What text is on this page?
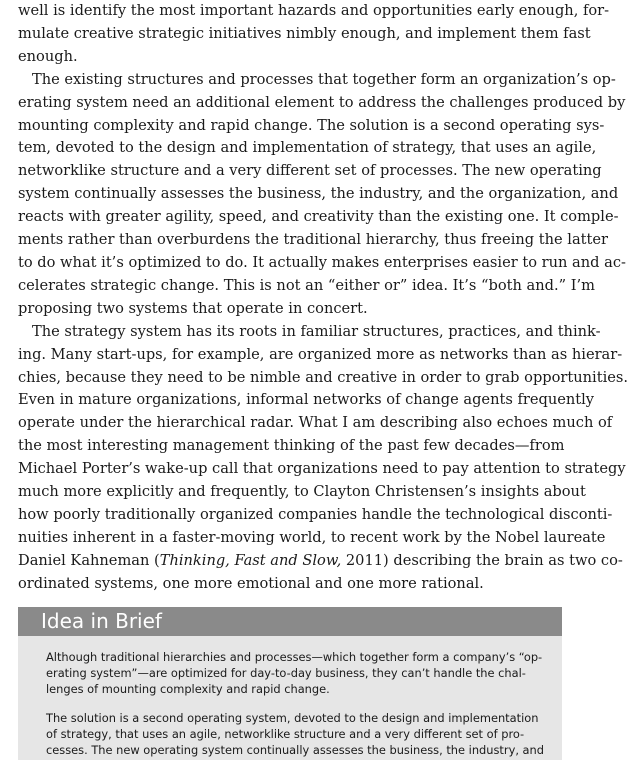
well is identify the most important hazards and opportunities early enough, for-
mulate creative strategic initiatives nimbly enough, and implement them fast
enough.

The existing structures and processes that together form an organization’s op-
erating system need an additional element to address the challenges produced by
mounting complexity and rapid change. The solution is a second operating sys-
tem, devoted to the design and implementation of strategy, that uses an agile,
networklike structure and a very different set of processes. The new operating
system continually assesses the business, the industry, and the organization, and
reacts with greater agility, speed, and creativity than the existing one. It comple-
ments rather than overburdens the traditional hierarchy, thus freeing the latter
to do what it’s optimized to do. It actually makes enterprises easier to run and ac-
celerates strategic change. This is not an “either or” idea. It’s “both and.” I’m
proposing two systems that operate in concert.

The strategy system has its roots in familiar structures, practices, and think-
ing. Many start-ups, for example, are organized more as networks than as hierar-
chies, because they need to be nimble and creative in order to grab opportunities.
Even in mature organizations, informal networks of change agents frequently
operate under the hierarchical radar. What I am describing also echoes much of
the most interesting management thinking of the past few decades—from
Michael Porter’s wake-up call that organizations need to pay attention to strategy
much more explicitly and frequently, to Clayton Christensen’s insights about
how poorly traditionally organized companies handle the technological disconti-
nuities inherent in a faster-moving world, to recent work by the Nobel laureate
Daniel Kahneman (Thinking, Fast and Slow, 2011) describing the brain as two co-
ordinated systems, one more emotional and one more rational.

Idea in Brief

Although traditional hierarchies and processes—which together form a company’s “op-
erating system”—are optimized for day-to-day business, they can’t handle the chal-
lenges of mounting complexity and rapid change.

The solution is a second operating system, devoted to the design and implementation
of strategy, that uses an agile, networklike structure and a very different set of pro-
cesses. The new operating system continually assesses the business, the industry, and
